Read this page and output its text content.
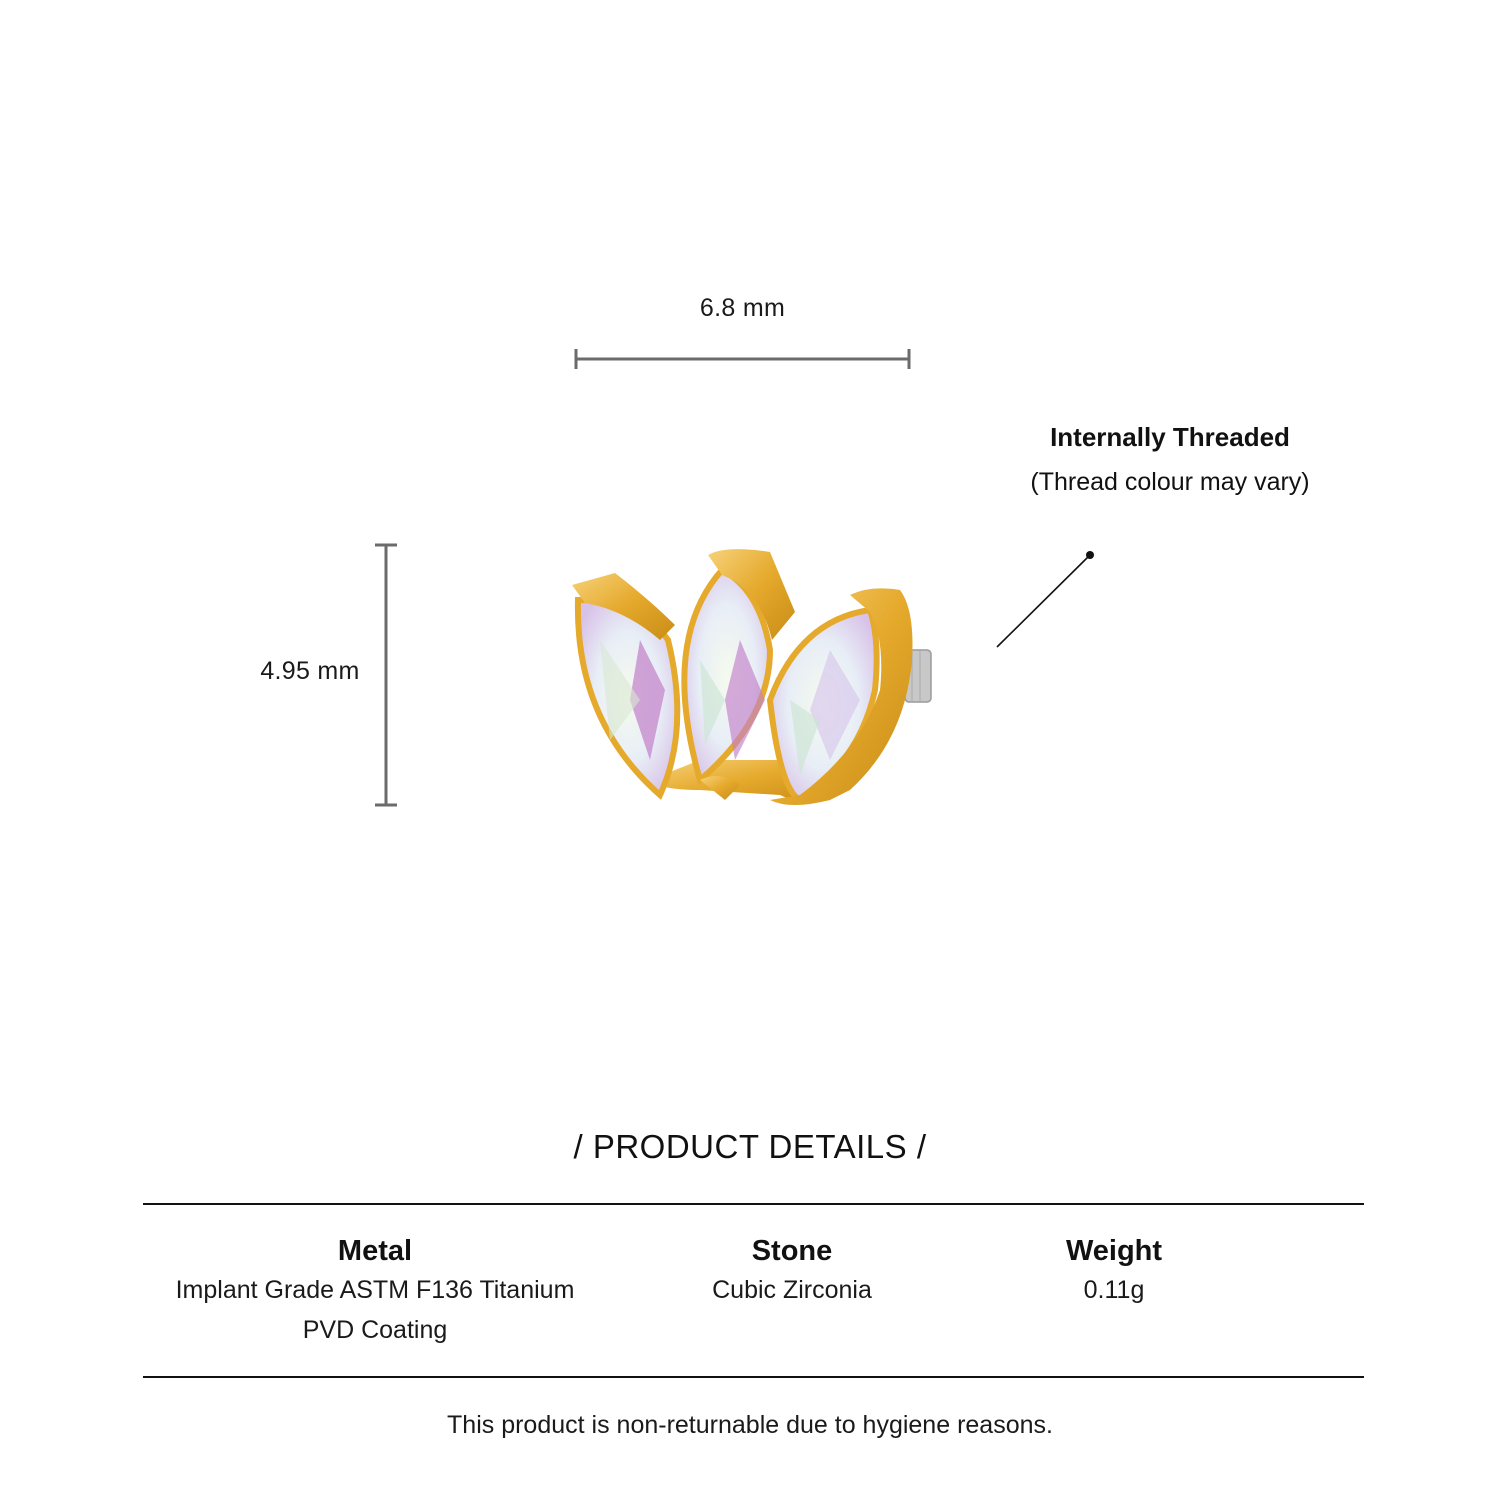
6.8 mm
4.95 mm
Internally Threaded
(Thread colour may vary)
/ PRODUCT DETAILS /
Metal
Implant Grade ASTM F136 Titanium
PVD Coating
Stone
Cubic Zirconia
Weight
0.11g
This product is non-returnable due to hygiene reasons.
